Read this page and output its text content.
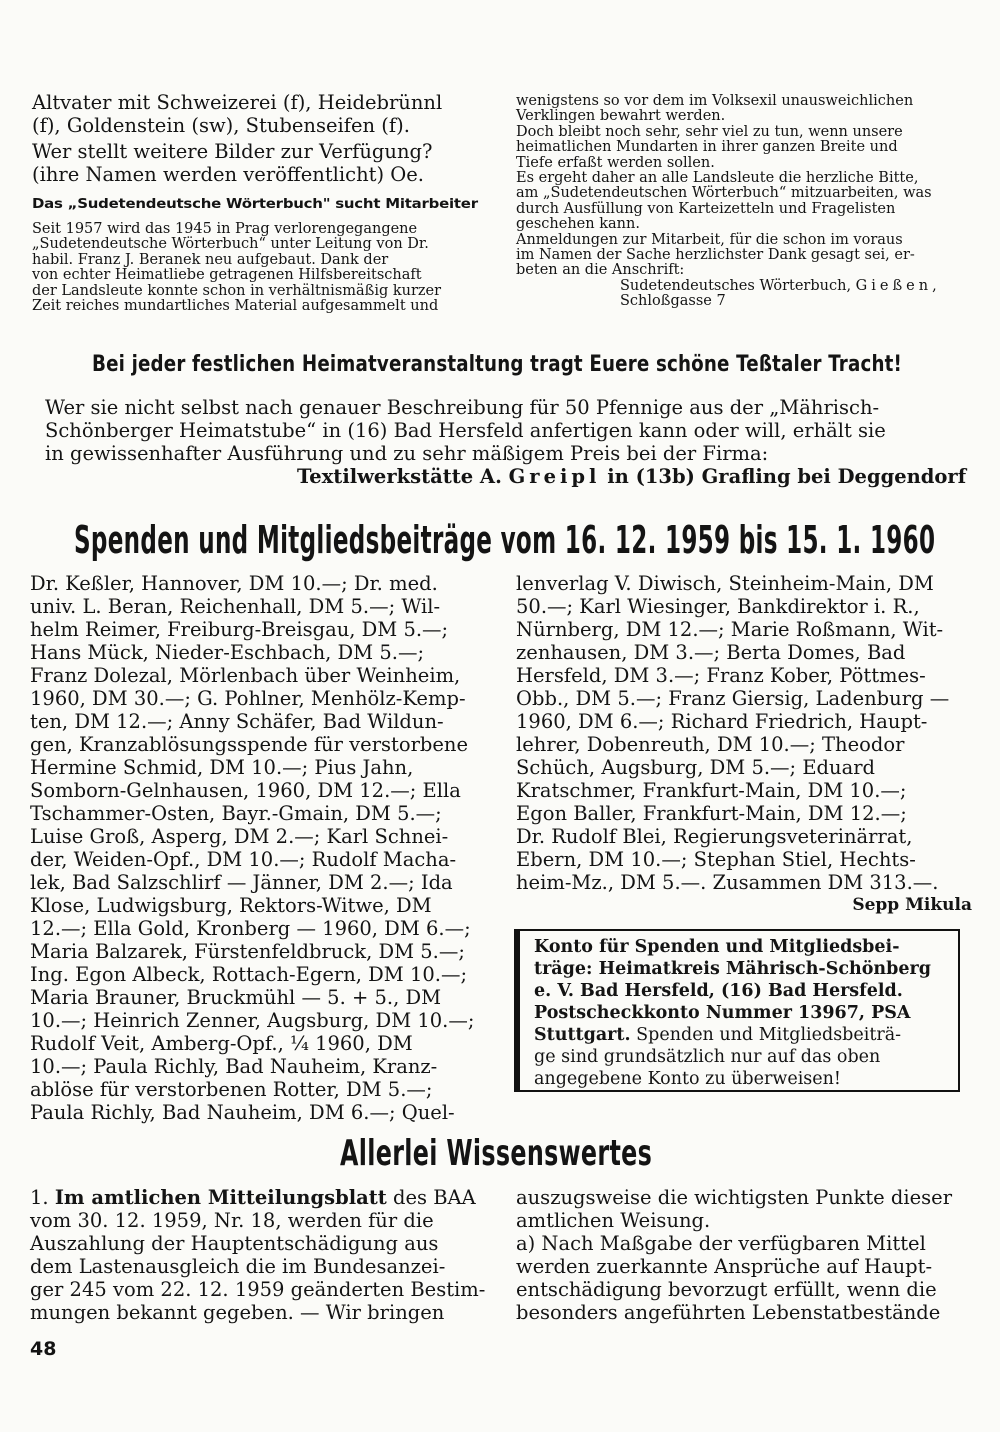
Altvater mit Schweizerei (f), Heidebrünnl
(f), Goldenstein (sw), Stubenseifen (f).
Wer stellt weitere Bilder zur Verfügung?
(ihre Namen werden veröffentlicht) Oe.
Das „Sudetendeutsche Wörterbuch" sucht Mitarbeiter
Seit 1957 wird das 1945 in Prag verlorengegangene
„Sudetendeutsche Wörterbuch“ unter Leitung von Dr.
habil. Franz J. Beranek neu aufgebaut. Dank der
von echter Heimatliebe getragenen Hilfsbereitschaft
der Landsleute konnte schon in verhältnismäßig kurzer
Zeit reiches mundartliches Material aufgesammelt und
wenigstens so vor dem im Volksexil unausweichlichen
Verklingen bewahrt werden.
Doch bleibt noch sehr, sehr viel zu tun, wenn unsere
heimatlichen Mundarten in ihrer ganzen Breite und
Tiefe erfaßt werden sollen.
Es ergeht daher an alle Landsleute die herzliche Bitte,
am „Sudetendeutschen Wörterbuch“ mitzuarbeiten, was
durch Ausfüllung von Karteizetteln und Fragelisten
geschehen kann.
Anmeldungen zur Mitarbeit, für die schon im voraus
im Namen der Sache herzlichster Dank gesagt sei, er-
beten an die Anschrift:
Sudetendeutsches Wörterbuch, Gießen,
Schloßgasse 7
Bei jeder festlichen Heimatveranstaltung tragt Euere schöne Teßtaler Tracht!
Wer sie nicht selbst nach genauer Beschreibung für 50 Pfennige aus der „Mährisch-
Schönberger Heimatstube“ in (16) Bad Hersfeld anfertigen kann oder will, erhält sie
in gewissenhafter Ausführung und zu sehr mäßigem Preis bei der Firma:
Textilwerkstätte A. Greipl in (13b) Grafling bei Deggendorf
Spenden und Mitgliedsbeiträge vom 16. 12. 1959 bis 15. 1. 1960
Dr. Keßler, Hannover, DM 10.—; Dr. med.
univ. L. Beran, Reichenhall, DM 5.—; Wil-
helm Reimer, Freiburg-Breisgau, DM 5.—;
Hans Mück, Nieder-Eschbach, DM 5.—;
Franz Dolezal, Mörlenbach über Weinheim,
1960, DM 30.—; G. Pohlner, Menhölz-Kemp-
ten, DM 12.—; Anny Schäfer, Bad Wildun-
gen, Kranzablösungsspende für verstorbene
Hermine Schmid, DM 10.—; Pius Jahn,
Somborn-Gelnhausen, 1960, DM 12.—; Ella
Tschammer-Osten, Bayr.-Gmain, DM 5.—;
Luise Groß, Asperg, DM 2.—; Karl Schnei-
der, Weiden-Opf., DM 10.—; Rudolf Macha-
lek, Bad Salzschlirf — Jänner, DM 2.—; Ida
Klose, Ludwigsburg, Rektors-Witwe, DM
12.—; Ella Gold, Kronberg — 1960, DM 6.—;
Maria Balzarek, Fürstenfeldbruck, DM 5.—;
Ing. Egon Albeck, Rottach-Egern, DM 10.—;
Maria Brauner, Bruckmühl — 5. + 5., DM
10.—; Heinrich Zenner, Augsburg, DM 10.—;
Rudolf Veit, Amberg-Opf., ¼ 1960, DM
10.—; Paula Richly, Bad Nauheim, Kranz-
ablöse für verstorbenen Rotter, DM 5.—;
Paula Richly, Bad Nauheim, DM 6.—; Quel-
lenverlag V. Diwisch, Steinheim-Main, DM
50.—; Karl Wiesinger, Bankdirektor i. R.,
Nürnberg, DM 12.—; Marie Roßmann, Wit-
zenhausen, DM 3.—; Berta Domes, Bad
Hersfeld, DM 3.—; Franz Kober, Pöttmes-
Obb., DM 5.—; Franz Giersig, Ladenburg —
1960, DM 6.—; Richard Friedrich, Haupt-
lehrer, Dobenreuth, DM 10.—; Theodor
Schüch, Augsburg, DM 5.—; Eduard
Kratschmer, Frankfurt-Main, DM 10.—;
Egon Baller, Frankfurt-Main, DM 12.—;
Dr. Rudolf Blei, Regierungsveterinärrat,
Ebern, DM 10.—; Stephan Stiel, Hechts-
heim-Mz., DM 5.—. Zusammen DM 313.—.
Sepp Mikula
Konto für Spenden und Mitgliedsbei-
träge: Heimatkreis Mährisch-Schönberg
e. V. Bad Hersfeld, (16) Bad Hersfeld.
Postscheckkonto Nummer 13967, PSA
Stuttgart. Spenden und Mitgliedsbeiträ-
ge sind grundsätzlich nur auf das oben
angegebene Konto zu überweisen!
Allerlei Wissenswertes
1. Im amtlichen Mitteilungsblatt des BAA
vom 30. 12. 1959, Nr. 18, werden für die
Auszahlung der Hauptentschädigung aus
dem Lastenausgleich die im Bundesanzei-
ger 245 vom 22. 12. 1959 geänderten Bestim-
mungen bekannt gegeben. — Wir bringen
auszugsweise die wichtigsten Punkte dieser
amtlichen Weisung.
a) Nach Maßgabe der verfügbaren Mittel
werden zuerkannte Ansprüche auf Haupt-
entschädigung bevorzugt erfüllt, wenn die
besonders angeführten Lebenstatbestände
48
